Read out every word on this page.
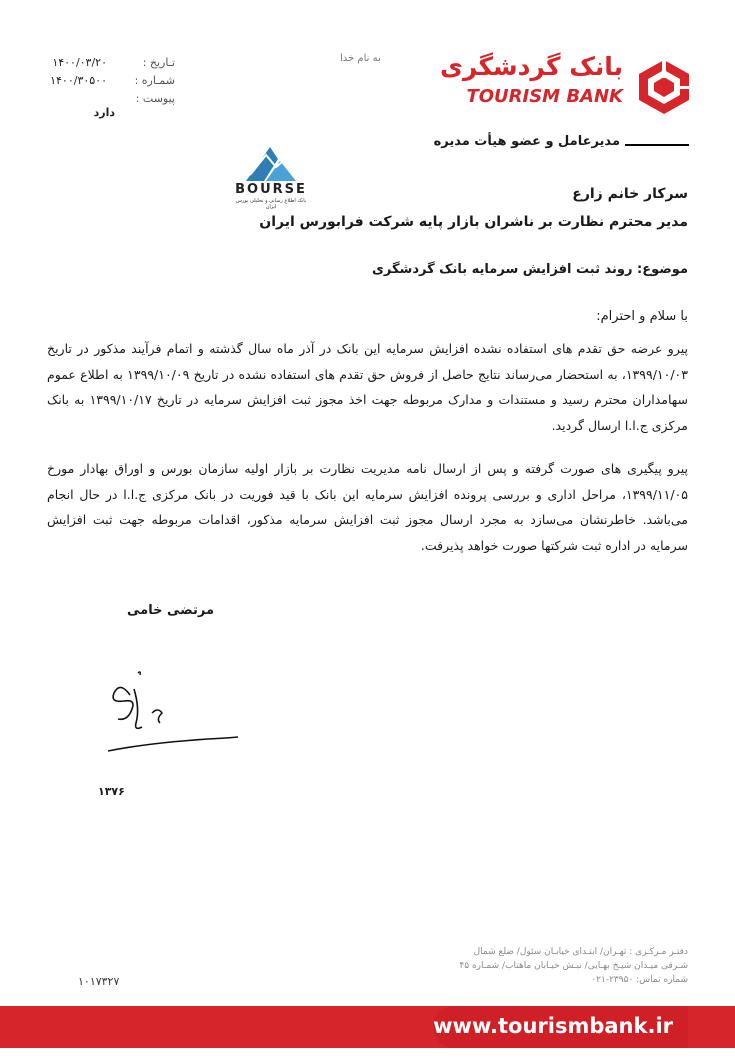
تـاریخ :
۱۴۰۰/۰۳/۲۰
شمـاره :
۱۴۰۰/۳۰۵۰۰
پیوست :
دارد
به نام خدا بانک گردشگری
TOURISM BANK
مدیرعامل و عضو هیأت مدیره
BOURSE
بانک اطلاع رسانی و تحلیلی بورس ایران
سرکار خانم زارع
مدیر محترم نظارت بر ناشران بازار پایه شرکت فرابورس ایران
موضوع: روند ثبت افزایش سرمایه بانک گردشگری
با سلام و احترام:
پیرو عرضه حق تقدم های استفاده نشده افزایش سرمایه این بانک در آذر ماه سال گذشته و اتمام فرآیند مذکور در تاریخ ۱۳۹۹/۱۰/۰۳، به استحضار می‌رساند نتایج حاصل از فروش حق تقدم های استفاده نشده در تاریخ ۱۳۹۹/۱۰/۰۹ به اطلاع عموم سهامداران محترم رسید و مستندات و مدارک مربوطه جهت اخذ مجوز ثبت افزایش سرمایه در تاریخ ۱۳۹۹/۱۰/۱۷ به بانک مرکزی ج.ا.ا ارسال گردید.
پیرو پیگیری های صورت گرفته و پس از ارسال نامه مدیریت نظارت بر بازار اولیه سازمان بورس و اوراق بهادار مورخ ۱۳۹۹/۱۱/۰۵، مراحل اداری و بررسی پرونده افزایش سرمایه این بانک با قید فوریت در بانک مرکزی ج.ا.ا در حال انجام می‌باشد. خاطرنشان می‌سازد به مجرد ارسال مجوز ثبت افزایش سرمایه مذکور، اقدامات مربوطه جهت ثبت افزایش سرمایه در اداره ثبت شرکتها صورت خواهد پذیرفت.
مرتضی خامی
۱۳۷۶
دفتـر مـرکـزی : تهـران/ ابتـدای خیابـان سئول/ ضلع شمال
شـرقی میـدان شیـخ بهـایی/ نبـش خیـابان ماهتاب/ شمـاره ۴۵
شماره تماس: ۲۳۹۵۰-۰۲۱
۱۰۱۷۳۲۷
www.tourismbank.ir
